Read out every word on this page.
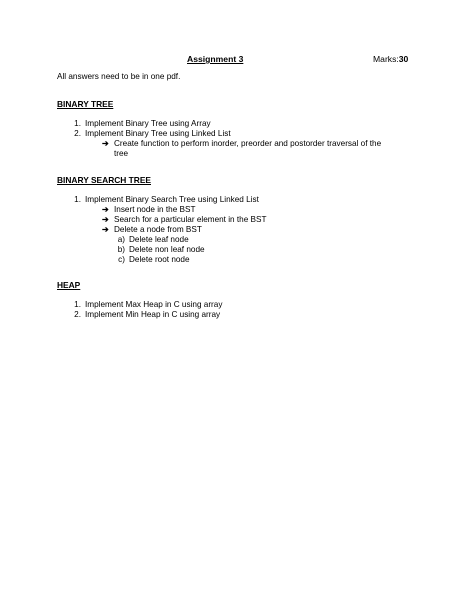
Assignment 3	Marks:30
All answers need to be in one pdf.
BINARY TREE
1. Implement Binary Tree using Array
2. Implement Binary Tree using Linked List
➔ Create function to perform inorder, preorder and postorder traversal of the
tree
BINARY SEARCH TREE
1. Implement Binary Search Tree using Linked List
➔ Insert node in the BST
➔ Search for a particular element in the BST
➔ Delete a node from BST
a) Delete leaf node
b) Delete non leaf node
c) Delete root node
HEAP
1. Implement Max Heap in C using array
2. Implement Min Heap in C using array
